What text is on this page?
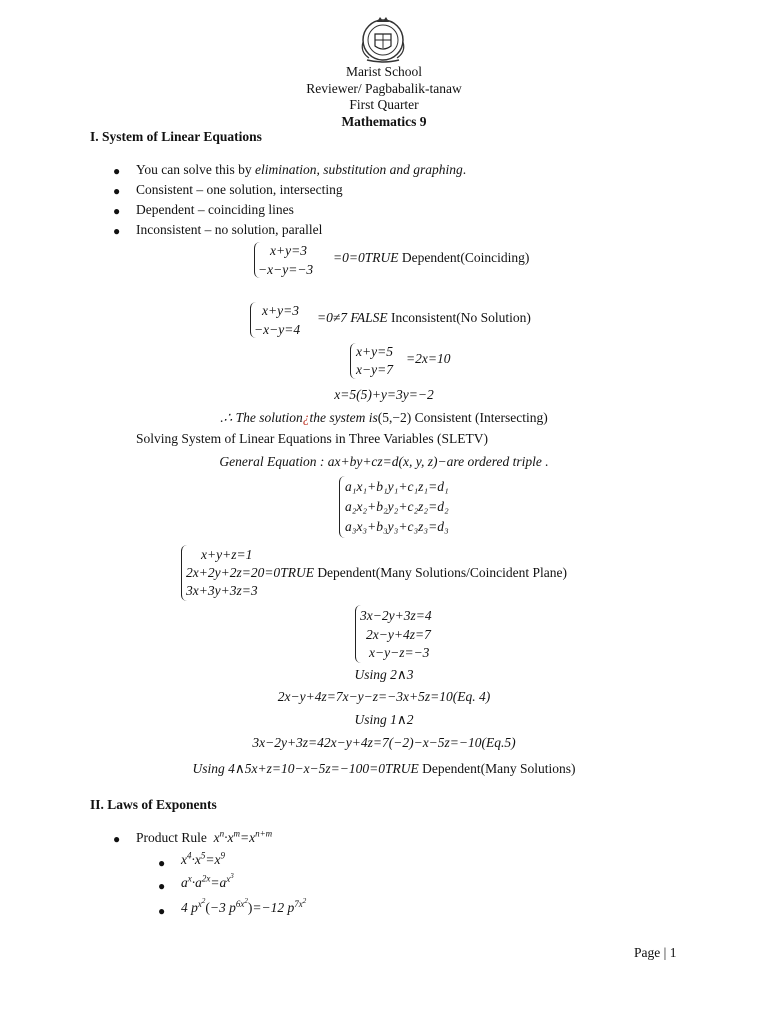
Marist School
Reviewer/ Pagbabalik-tanaw
First Quarter
Mathematics 9
I. System of Linear Equations
● You can solve this by elimination, substitution and graphing.
● Consistent – one solution, intersecting
● Dependent – coinciding lines
● Inconsistent – no solution, parallel
x+y=3
−x−y=−3
=0=0TRUE Dependent(Coinciding)
x+y=3
−x−y=4
=0≠7 FALSE Inconsistent(No Solution)
x+y=5
x−y=7
=2x=10
x=5(5)+y=3y=−2
.∴ The solution¿the system is(5,−2) Consistent (Intersecting)
Solving System of Linear Equations in Three Variables (SLETV)
General Equation : ax+by+cz=d(x, y, z)−are ordered triple .
a₁x₁+b₁y₁+c₁z₁=d₁
a₂x₂+b₂y₂+c₂z₂=d₂
a₃x₃+b₃y₃+c₃z₃=d₃
x+y+z=1
2x+2y+2z=20=0TRUE Dependent(Many Solutions/Coincident Plane)
3x+3y+3z=3
3x−2y+3z=4
2x−y+4z=7
x−y−z=−3
Using 2∧3
2x−y+4z=7x−y−z=−3x+5z=10(Eq. 4)
Using 1∧2
3x−2y+3z=42x−y+4z=7(−2)−x−5z=−10(Eq.5)
Using 4∧5x+z=10−x−5z=−100=0TRUE Dependent(Many Solutions)
II. Laws of Exponents
● Product Rule $x^n\cdot x^m=x^{n+m}$
● $x^4\cdot x^5=x^9$
● $a^x\cdot a^{2x}=a^{x^3}$
● 4 $p^{x^2}(-3$ $p^{6x^2})=-12$ $p^{7x^2}$
Page | 1
